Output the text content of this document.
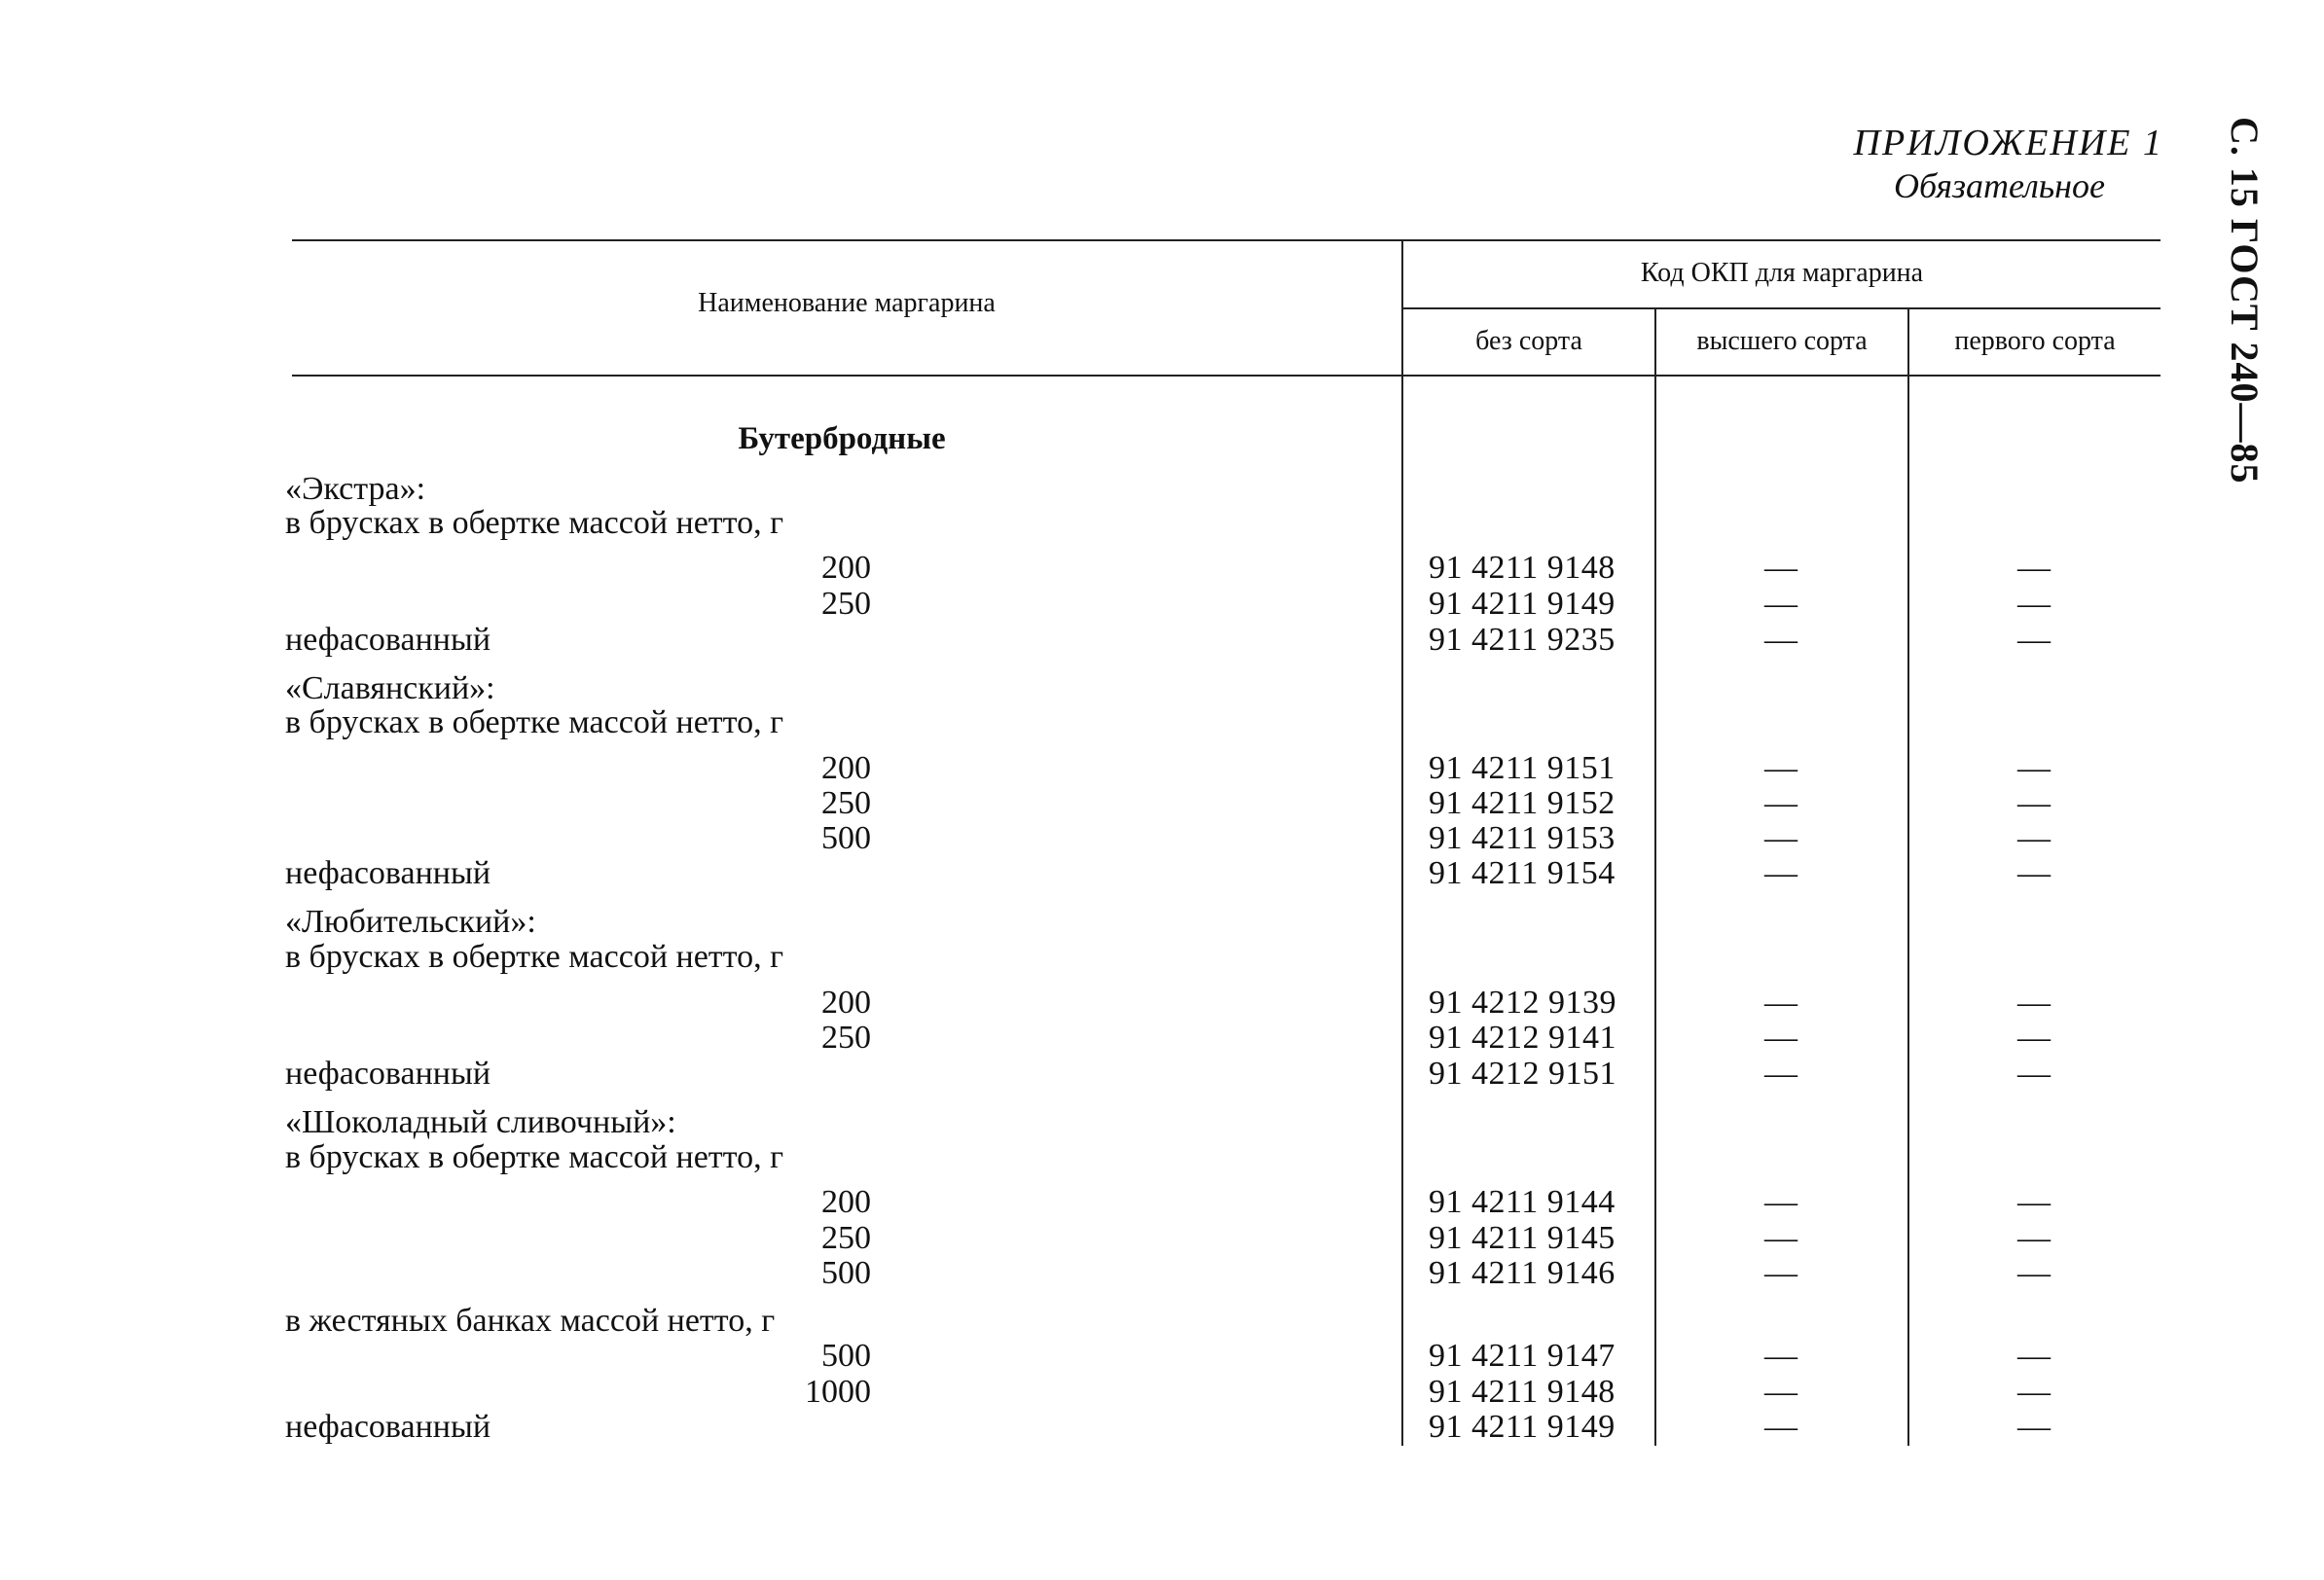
ПРИЛОЖЕНИЕ 1
Обязательное	С. 15 ГОСТ 240—85
Наименование маргарина
Код ОКП для маргарина
без сорта	высшего сорта	первого сорта
Бутербродные
«Экстра»:
в брусках в обертке массой нетто, г
200	91 4211 9148	—	—
250	91 4211 9149	—	—
нефасованный	91 4211 9235	—	—
«Славянский»:
в брусках в обертке массой нетто, г
200	91 4211 9151	—	—
250	91 4211 9152	—	—
500	91 4211 9153	—	—
нефасованный	91 4211 9154	—	—
«Любительский»:
в брусках в обертке массой нетто, г
200	91 4212 9139	—	—
250	91 4212 9141	—	—
нефасованный	91 4212 9151	—	—
«Шоколадный сливочный»:
в брусках в обертке массой нетто, г
200	91 4211 9144	—	—
250	91 4211 9145	—	—
500	91 4211 9146	—	—
в жестяных банках массой нетто, г
500	91 4211 9147	—	—
1000	91 4211 9148	—	—
нефасованный	91 4211 9149	—	—
